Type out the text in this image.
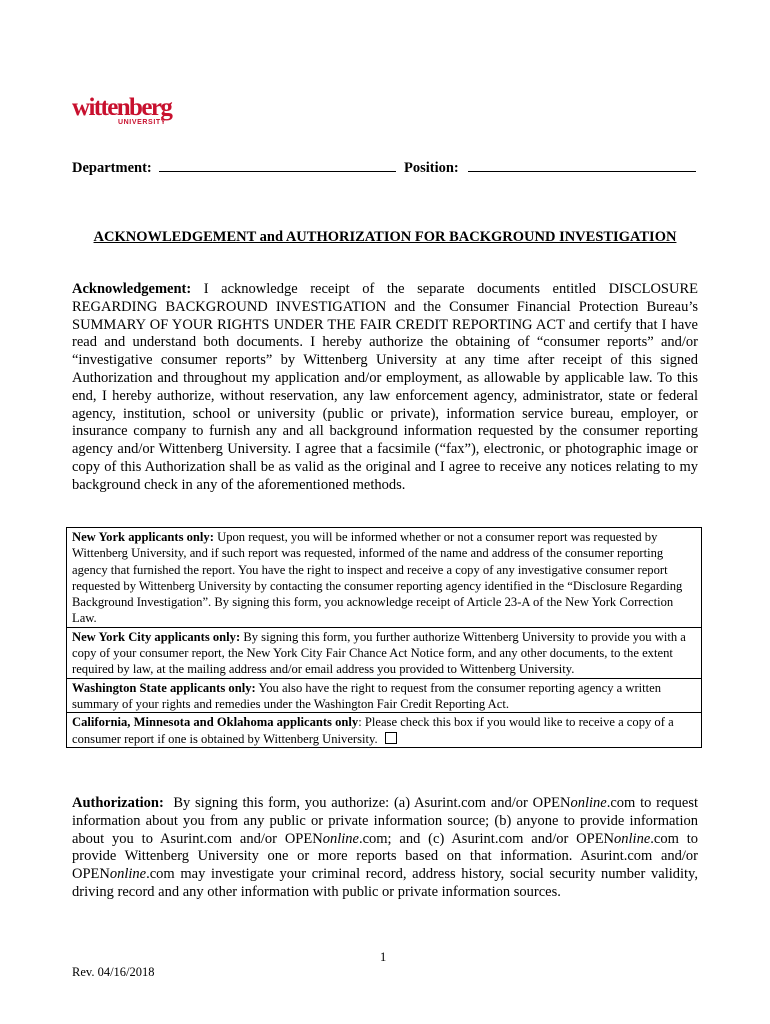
wittenberg
UNIVERSITY
Department:	Position:
ACKNOWLEDGEMENT and AUTHORIZATION FOR BACKGROUND INVESTIGATION
Acknowledgement: I acknowledge receipt of the separate documents entitled DISCLOSURE REGARDING BACKGROUND INVESTIGATION and the Consumer Financial Protection Bureau’s SUMMARY OF YOUR RIGHTS UNDER THE FAIR CREDIT REPORTING ACT and certify that I have read and understand both documents. I hereby authorize the obtaining of “consumer reports” and/or “investigative consumer reports” by Wittenberg University at any time after receipt of this signed Authorization and throughout my application and/or employment, as allowable by applicable law. To this end, I hereby authorize, without reservation, any law enforcement agency, administrator, state or federal agency, institution, school or university (public or private), information service bureau, employer, or insurance company to furnish any and all background information requested by the consumer reporting agency and/or Wittenberg University. I agree that a facsimile (“fax”), electronic, or photographic image or copy of this Authorization shall be as valid as the original and I agree to receive any notices relating to my background check in any of the aforementioned methods.
New York applicants only: Upon request, you will be informed whether or not a consumer report was requested by Wittenberg University, and if such report was requested, informed of the name and address of the consumer reporting agency that furnished the report. You have the right to inspect and receive a copy of any investigative consumer report requested by Wittenberg University by contacting the consumer reporting agency identified in the “Disclosure Regarding Background Investigation”. By signing this form, you acknowledge receipt of Article 23-A of the New York Correction Law.
New York City applicants only: By signing this form, you further authorize Wittenberg University to provide you with a copy of your consumer report, the New York City Fair Chance Act Notice form, and any other documents, to the extent required by law, at the mailing address and/or email address you provided to Wittenberg University.
Washington State applicants only: You also have the right to request from the consumer reporting agency a written summary of your rights and remedies under the Washington Fair Credit Reporting Act.
California, Minnesota and Oklahoma applicants only: Please check this box if you would like to receive a copy of a consumer report if one is obtained by Wittenberg University.
Authorization: By signing this form, you authorize: (a) Asurint.com and/or OPENonline.com to request information about you from any public or private information source; (b) anyone to provide information about you to Asurint.com and/or OPENonline.com; and (c) Asurint.com and/or OPENonline.com to provide Wittenberg University one or more reports based on that information. Asurint.com and/or OPENonline.com may investigate your criminal record, address history, social security number validity, driving record and any other information with public or private information sources.
1
Rev. 04/16/2018
